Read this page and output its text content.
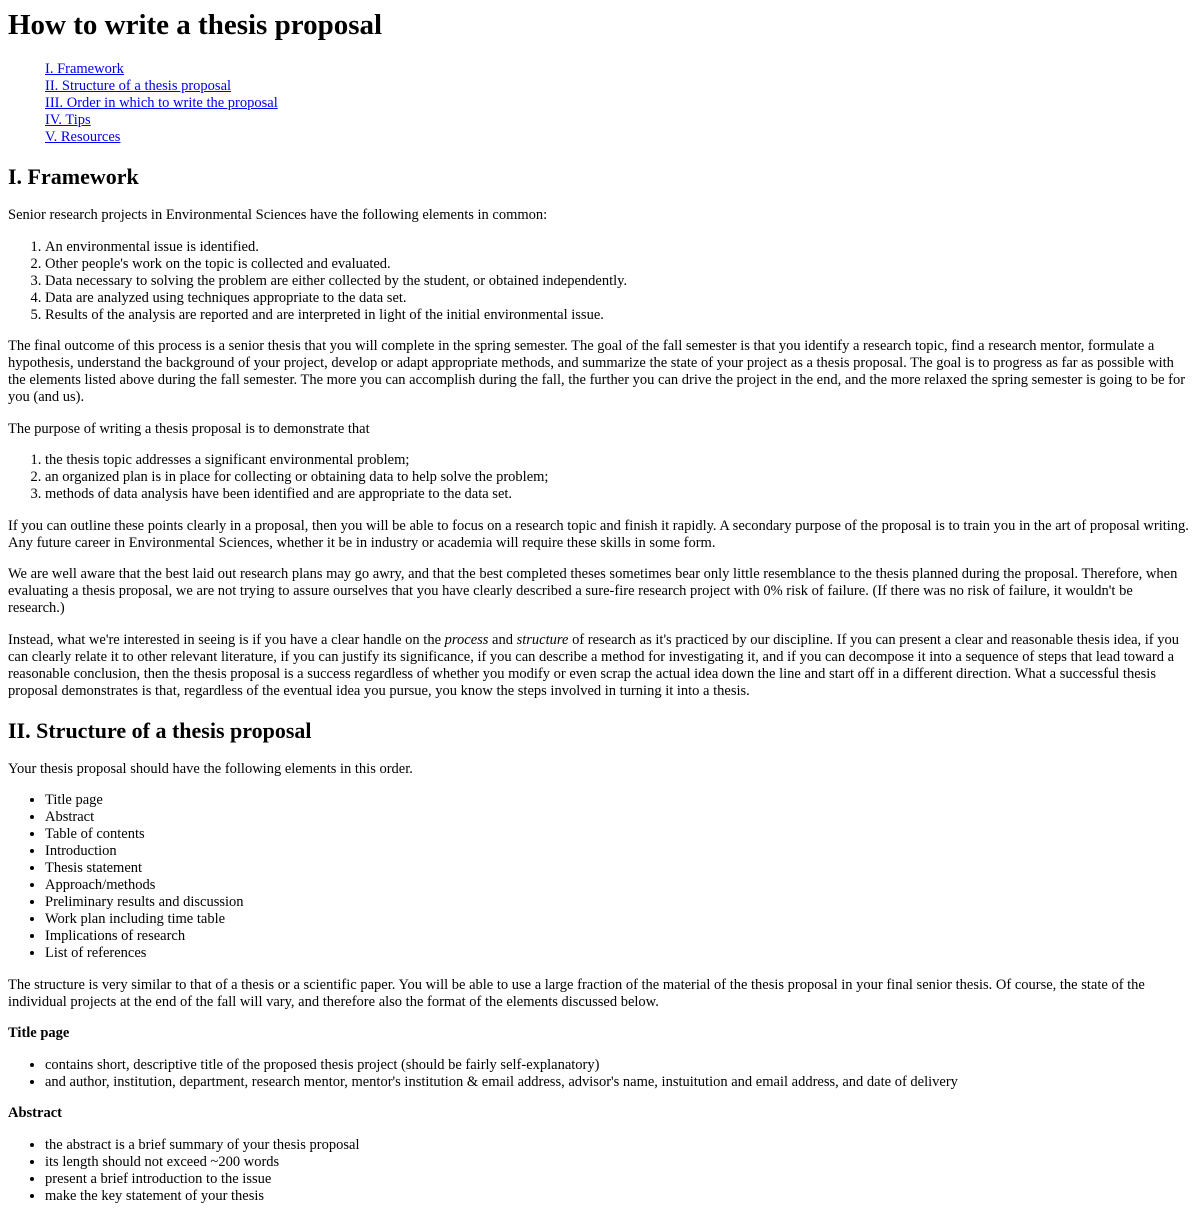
How to write a thesis proposal
I. Framework
II. Structure of a thesis proposal
III. Order in which to write the proposal
IV. Tips
V. Resources
I. Framework

Senior research projects in Environmental Sciences have the following elements in common:

1. An environmental issue is identified.
2. Other people's work on the topic is collected and evaluated.
3. Data necessary to solving the problem are either collected by the student, or obtained independently.
4. Data are analyzed using techniques appropriate to the data set.
5. Results of the analysis are reported and are interpreted in light of the initial environmental issue.

The final outcome of this process is a senior thesis that you will complete in the spring semester. The goal of the fall semester is that you identify a research topic, find a research mentor, formulate a hypothesis, understand the background of your project, develop or adapt appropriate methods, and summarize the state of your project as a thesis proposal. The goal is to progress as far as possible with the elements listed above during the fall semester. The more you can accomplish during the fall, the further you can drive the project in the end, and the more relaxed the spring semester is going to be for you (and us).

The purpose of writing a thesis proposal is to demonstrate that

1. the thesis topic addresses a significant environmental problem;
2. an organized plan is in place for collecting or obtaining data to help solve the problem;
3. methods of data analysis have been identified and are appropriate to the data set.

If you can outline these points clearly in a proposal, then you will be able to focus on a research topic and finish it rapidly. A secondary purpose of the proposal is to train you in the art of proposal writing. Any future career in Environmental Sciences, whether it be in industry or academia will require these skills in some form.

We are well aware that the best laid out research plans may go awry, and that the best completed theses sometimes bear only little resemblance to the thesis planned during the proposal. Therefore, when evaluating a thesis proposal, we are not trying to assure ourselves that you have clearly described a sure-fire research project with 0% risk of failure. (If there was no risk of failure, it wouldn't be research.)

Instead, what we're interested in seeing is if you have a clear handle on the process and structure of research as it's practiced by our discipline. If you can present a clear and reasonable thesis idea, if you can clearly relate it to other relevant literature, if you can justify its significance, if you can describe a method for investigating it, and if you can decompose it into a sequence of steps that lead toward a reasonable conclusion, then the thesis proposal is a success regardless of whether you modify or even scrap the actual idea down the line and start off in a different direction. What a successful thesis proposal demonstrates is that, regardless of the eventual idea you pursue, you know the steps involved in turning it into a thesis.

II. Structure of a thesis proposal

Your thesis proposal should have the following elements in this order.

• Title page
• Abstract
• Table of contents
• Introduction
• Thesis statement
• Approach/methods
• Preliminary results and discussion
• Work plan including time table
• Implications of research
• List of references

The structure is very similar to that of a thesis or a scientific paper. You will be able to use a large fraction of the material of the thesis proposal in your final senior thesis. Of course, the state of the individual projects at the end of the fall will vary, and therefore also the format of the elements discussed below.

Title page

• contains short, descriptive title of the proposed thesis project (should be fairly self-explanatory)
• and author, institution, department, research mentor, mentor's institution & email address, advisor's name, instuitution and email address, and date of delivery

Abstract

• the abstract is a brief summary of your thesis proposal
• its length should not exceed ~200 words
• present a brief introduction to the issue
• make the key statement of your thesis
